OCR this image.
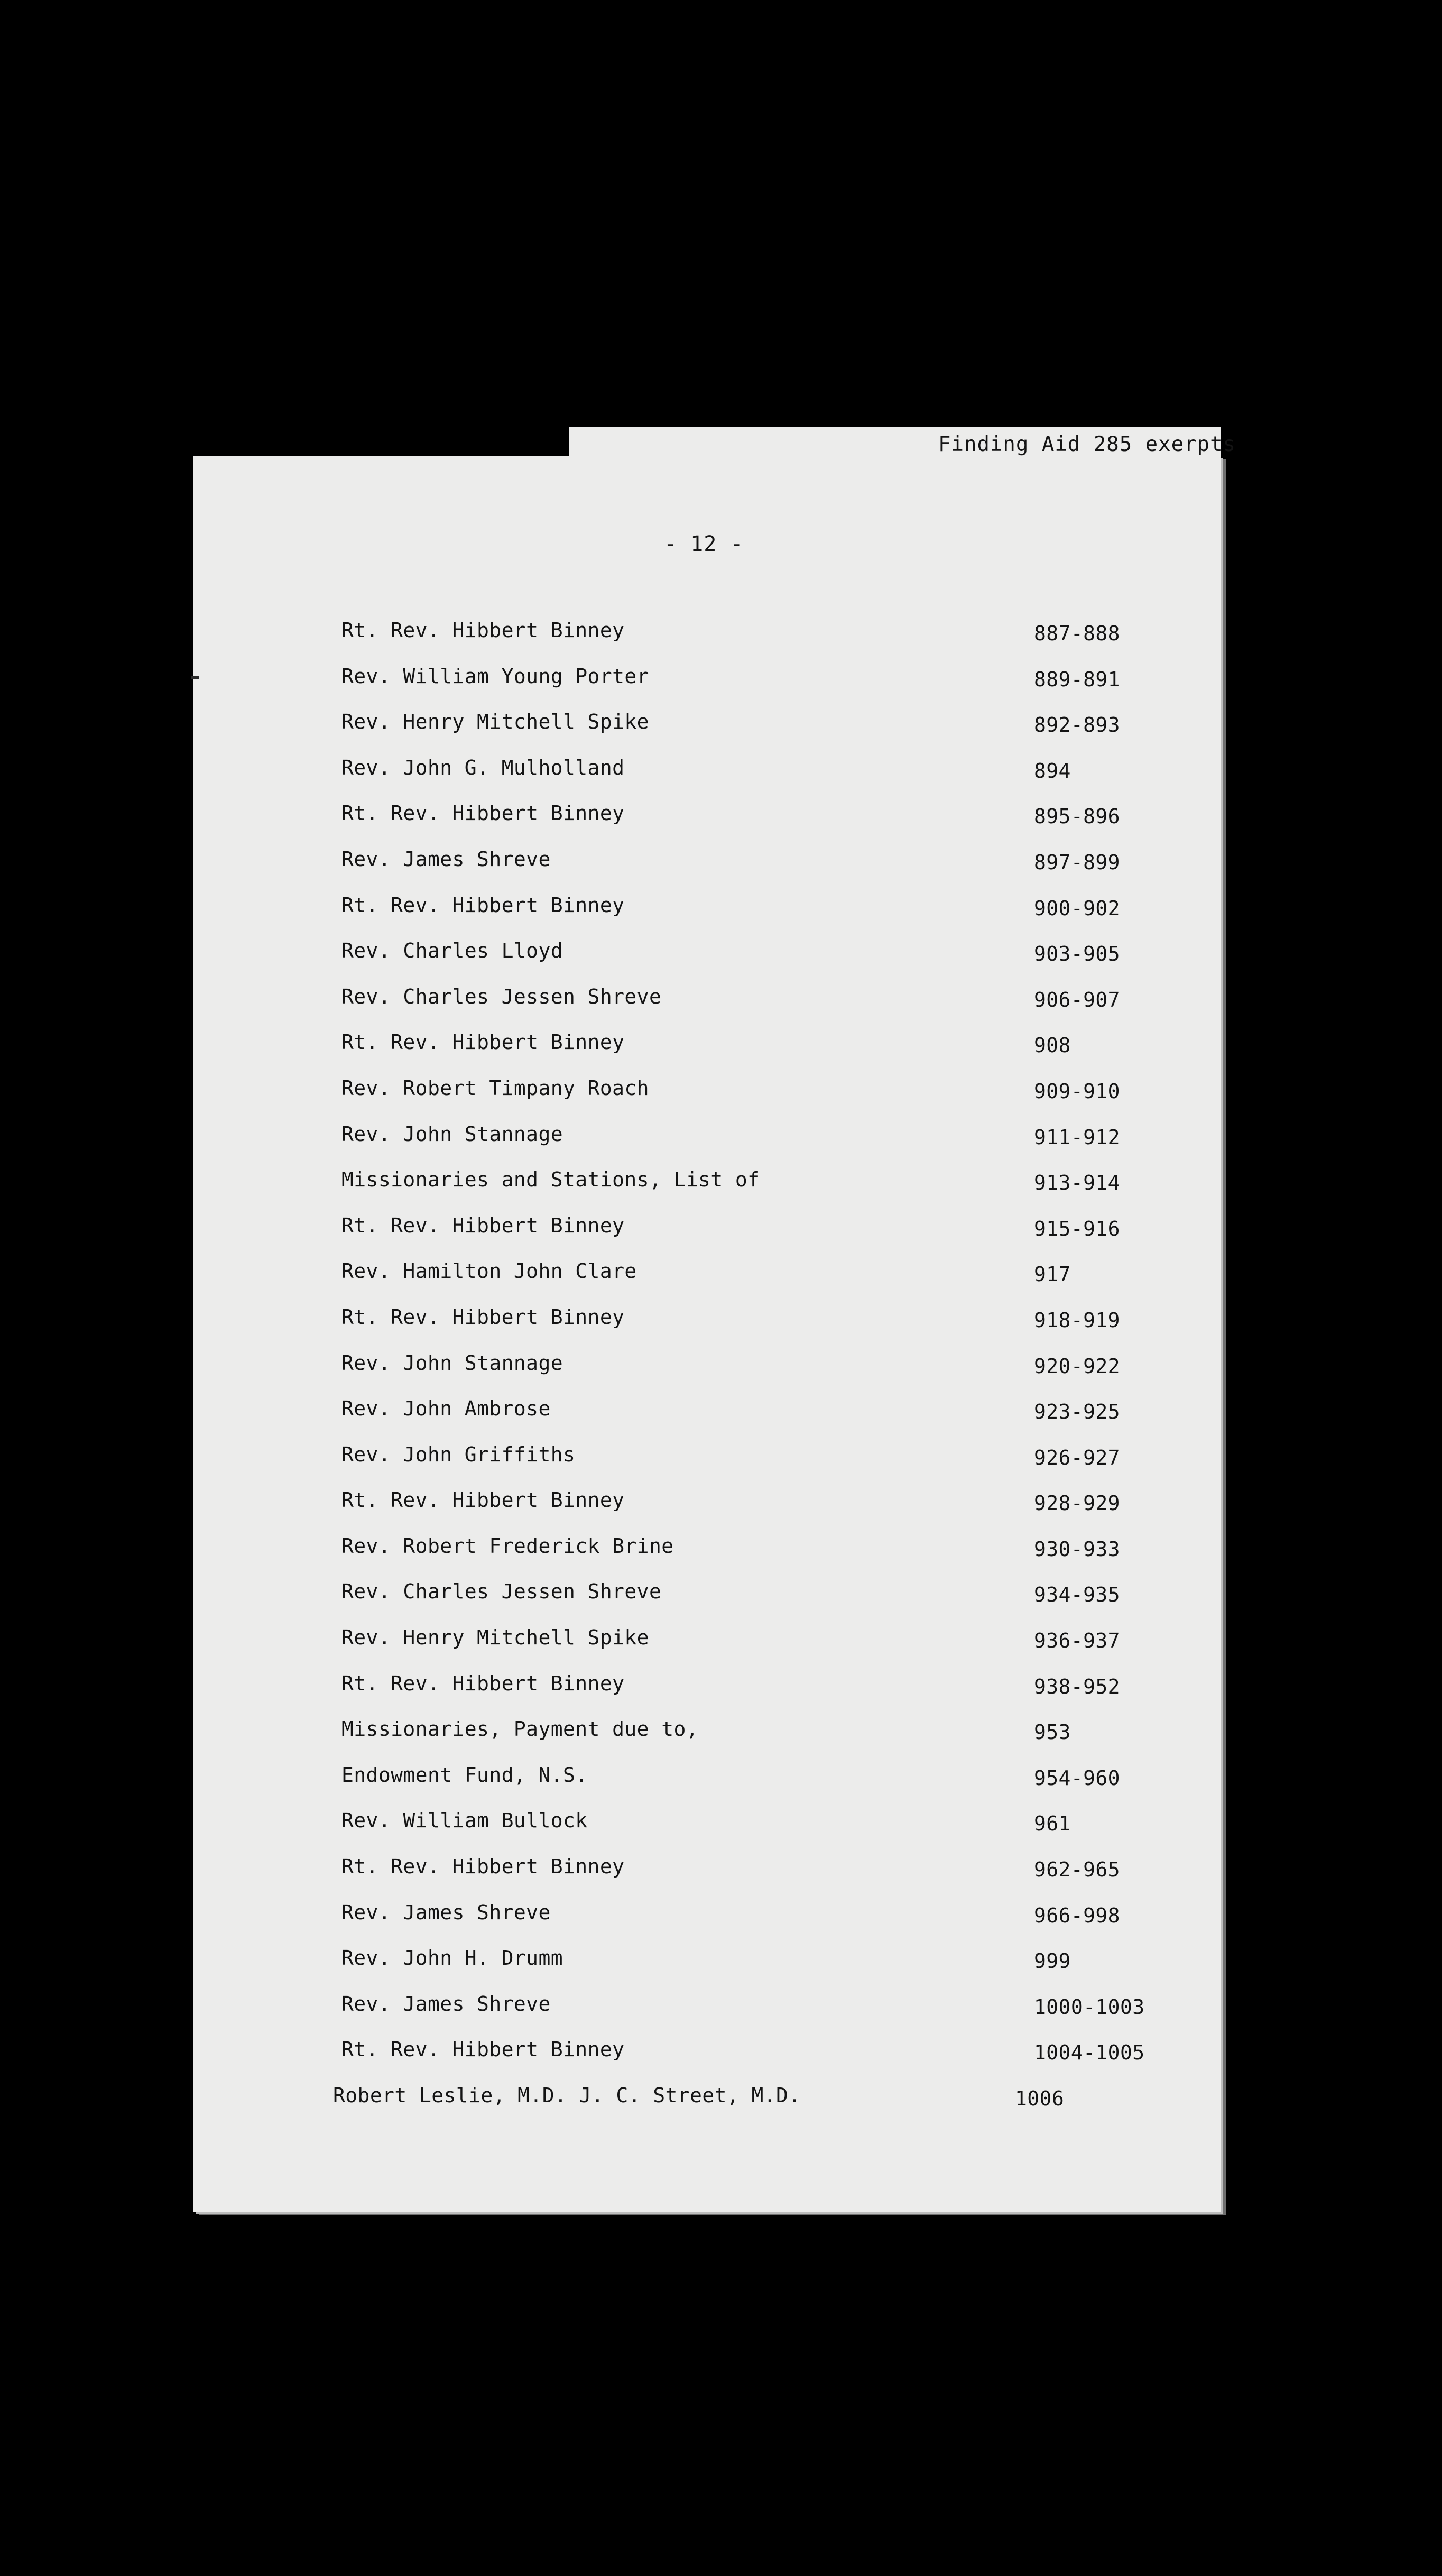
Finding Aid 285 exerpts
- 12 -
Rt. Rev. Hibbert Binney	887-888
Rev. William Young Porter	889-891
Rev. Henry Mitchell Spike	892-893
Rev. John G. Mulholland	894
Rt. Rev. Hibbert Binney	895-896
Rev. James Shreve	897-899
Rt. Rev. Hibbert Binney	900-902
Rev. Charles Lloyd	903-905
Rev. Charles Jessen Shreve	906-907
Rt. Rev. Hibbert Binney	908
Rev. Robert Timpany Roach	909-910
Rev. John Stannage	911-912
Missionaries and Stations, List of	913-914
Rt. Rev. Hibbert Binney	915-916
Rev. Hamilton John Clare	917
Rt. Rev. Hibbert Binney	918-919
Rev. John Stannage	920-922
Rev. John Ambrose	923-925
Rev. John Griffiths	926-927
Rt. Rev. Hibbert Binney	928-929
Rev. Robert Frederick Brine	930-933
Rev. Charles Jessen Shreve	934-935
Rev. Henry Mitchell Spike	936-937
Rt. Rev. Hibbert Binney	938-952
Missionaries, Payment due to,	953
Endowment Fund, N.S.	954-960
Rev. William Bullock	961
Rt. Rev. Hibbert Binney	962-965
Rev. James Shreve	966-998
Rev. John H. Drumm	999
Rev. James Shreve	1000-1003
Rt. Rev. Hibbert Binney	1004-1005
Robert Leslie, M.D. J. C. Street, M.D.	1006
